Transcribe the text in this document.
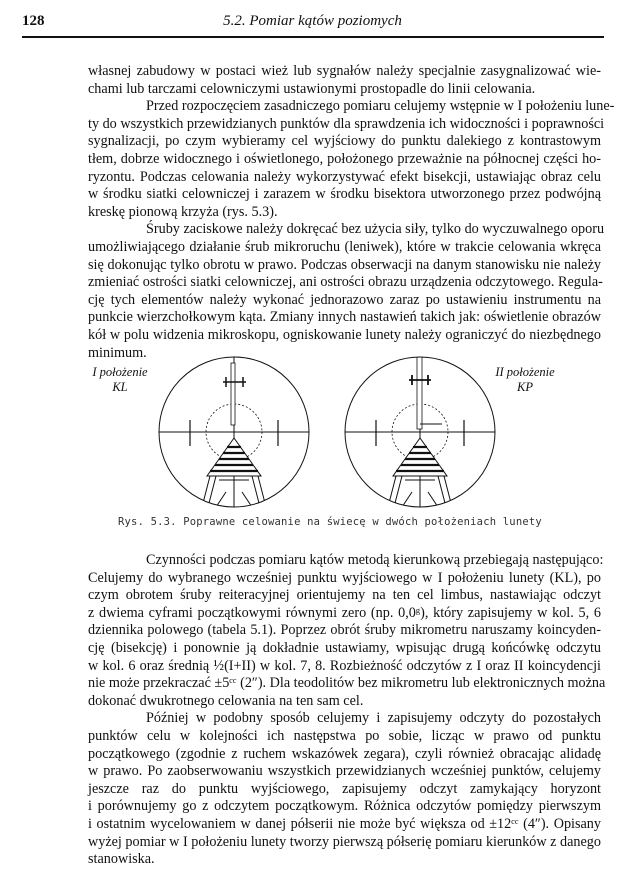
128	5.2. Pomiar kątów poziomych
własnej zabudowy w postaci wież lub sygnałów należy specjalnie zasygnalizować wie-
chami lub tarczami celowniczymi ustawionymi prostopadle do linii celowania.
Przed rozpoczęciem zasadniczego pomiaru celujemy wstępnie w I położeniu lune-
ty do wszystkich przewidzianych punktów dla sprawdzenia ich widoczności i poprawności
sygnalizacji, po czym wybieramy cel wyjściowy do punktu dalekiego z kontrastowym
tłem, dobrze widocznego i oświetlonego, położonego przeważnie na północnej części ho-
ryzontu. Podczas celowania należy wykorzystywać efekt bisekcji, ustawiając obraz celu
w środku siatki celowniczej i zarazem w środku bisektora utworzonego przez podwójną
kreskę pionową krzyża (rys. 5.3).
Śruby zaciskowe należy dokręcać bez użycia siły, tylko do wyczuwalnego oporu
umożliwiającego działanie śrub mikroruchu (leniwek), które w trakcie celowania wkręca
się dokonując tylko obrotu w prawo. Podczas obserwacji na danym stanowisku nie należy
zmieniać ostrości siatki celowniczej, ani ostrości obrazu urządzenia odczytowego. Regula-
cję tych elementów należy wykonać jednorazowo zaraz po ustawieniu instrumentu na
punkcie wierzchołkowym kąta. Zmiany innych nastawień takich jak: oświetlenie obrazów
kół w polu widzenia mikroskopu, ogniskowanie lunety należy ograniczyć do niezbędnego
minimum.
I położenie
KL
II położenie
KP
Rys. 5.3. Poprawne celowanie na świecę w dwóch położeniach lunety
Czynności podczas pomiaru kątów metodą kierunkową przebiegają następująco:
Celujemy do wybranego wcześniej punktu wyjściowego w I położeniu lunety (KL), po
czym obrotem śruby reiteracyjnej orientujemy na ten cel limbus, nastawiając odczyt
z dwiema cyframi początkowymi równymi zero (np. 0,0ᵍ), który zapisujemy w kol. 5, 6
dziennika polowego (tabela 5.1). Poprzez obrót śruby mikrometru naruszamy koincyden-
cję (bisekcję) i ponownie ją dokładnie ustawiamy, wpisując drugą końcówkę odczytu
w kol. 6 oraz średnią ½(I+II) w kol. 7, 8. Rozbieżność odczytów z I oraz II koincydencji
nie może przekraczać ±5ᶜᶜ (2″). Dla teodolitów bez mikrometru lub elektronicznych można
dokonać dwukrotnego celowania na ten sam cel.
Później w podobny sposób celujemy i zapisujemy odczyty do pozostałych
punktów celu w kolejności ich następstwa po sobie, licząc w prawo od punktu
początkowego (zgodnie z ruchem wskazówek zegara), czyli również obracając alidadę
w prawo. Po zaobserwowaniu wszystkich przewidzianych wcześniej punktów, celujemy
jeszcze raz do punktu wyjściowego, zapisujemy odczyt zamykający horyzont
i porównujemy go z odczytem początkowym. Różnica odczytów pomiędzy pierwszym
i ostatnim wycelowaniem w danej półserii nie może być większa od ±12ᶜᶜ (4″). Opisany
wyżej pomiar w I położeniu lunety tworzy pierwszą półserię pomiaru kierunków z danego
stanowiska.
